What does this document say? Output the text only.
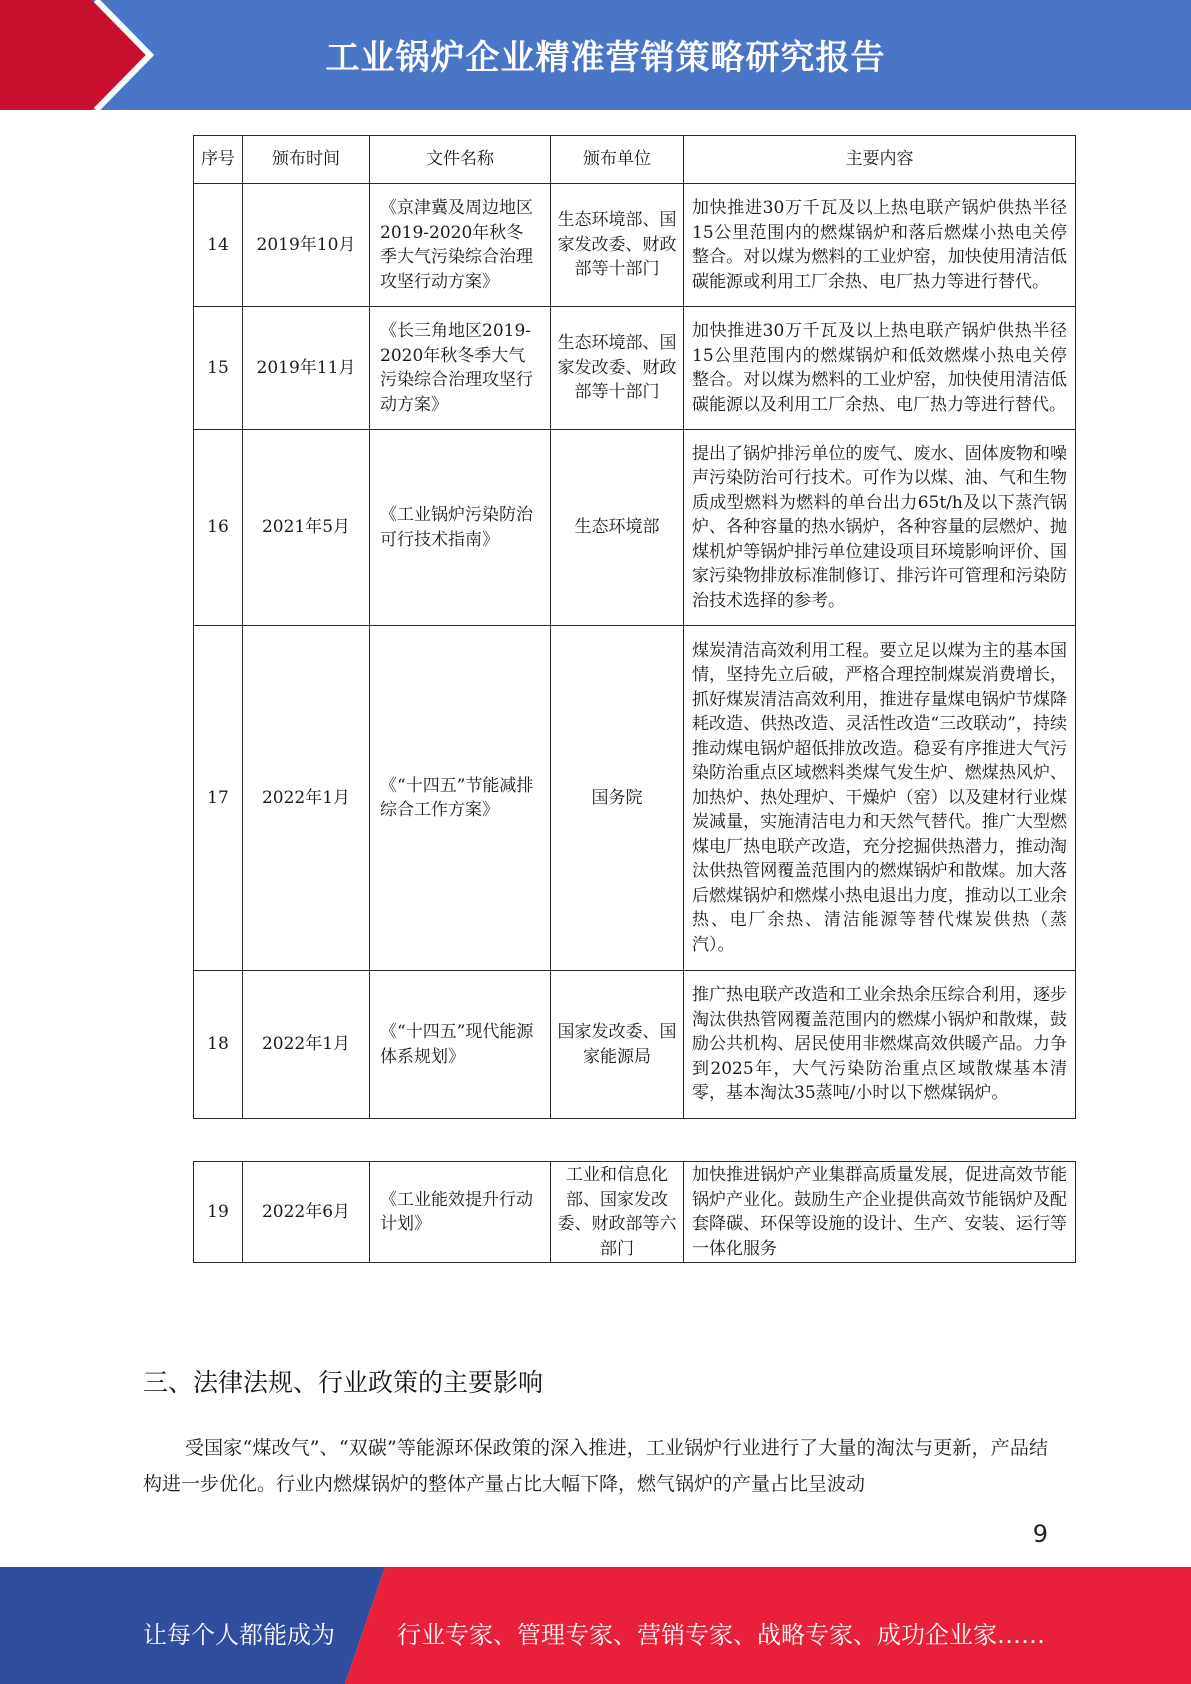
工业锅炉企业精准营销策略研究报告
序号	颁布时间	文件名称	颁布单位	主要内容
14	2019年10月	《京津冀及周边地区2019-2020年秋冬季大气污染综合治理攻坚行动方案》	生态环境部、国家发改委、财政部等十部门	加快推进30万千瓦及以上热电联产锅炉供热半径15公里范围内的燃煤锅炉和落后燃煤小热电关停整合。对以煤为燃料的工业炉窑，加快使用清洁低碳能源或利用工厂余热、电厂热力等进行替代。
15	2019年11月	《长三角地区2019-2020年秋冬季大气污染综合治理攻坚行动方案》	生态环境部、国家发改委、财政部等十部门	加快推进30万千瓦及以上热电联产锅炉供热半径15公里范围内的燃煤锅炉和低效燃煤小热电关停整合。对以煤为燃料的工业炉窑，加快使用清洁低碳能源以及利用工厂余热、电厂热力等进行替代。
16	2021年5月	《工业锅炉污染防治可行技术指南》	生态环境部	提出了锅炉排污单位的废气、废水、固体废物和噪声污染防治可行技术。可作为以煤、油、气和生物质成型燃料为燃料的单台出力65t/h及以下蒸汽锅炉、各种容量的热水锅炉，各种容量的层燃炉、抛煤机炉等锅炉排污单位建设项目环境影响评价、国家污染物排放标准制修订、排污许可管理和污染防治技术选择的参考。
17	2022年1月	《“十四五”节能减排综合工作方案》	国务院	煤炭清洁高效利用工程。要立足以煤为主的基本国情，坚持先立后破，严格合理控制煤炭消费增长，抓好煤炭清洁高效利用，推进存量煤电锅炉节煤降耗改造、供热改造、灵活性改造“三改联动”，持续推动煤电锅炉超低排放改造。稳妥有序推进大气污染防治重点区域燃料类煤气发生炉、燃煤热风炉、加热炉、热处理炉、干燥炉（窑）以及建材行业煤炭减量，实施清洁电力和天然气替代。推广大型燃煤电厂热电联产改造，充分挖掘供热潜力，推动淘汰供热管网覆盖范围内的燃煤锅炉和散煤。加大落后燃煤锅炉和燃煤小热电退出力度，推动以工业余热、电厂余热、清洁能源等替代煤炭供热（蒸汽）。
18	2022年1月	《“十四五”现代能源体系规划》	国家发改委、国家能源局	推广热电联产改造和工业余热余压综合利用，逐步淘汰供热管网覆盖范围内的燃煤小锅炉和散煤，鼓励公共机构、居民使用非燃煤高效供暖产品。力争到2025年，大气污染防治重点区域散煤基本清零，基本淘汰35蒸吨/小时以下燃煤锅炉。
19	2022年6月	《工业能效提升行动计划》	工业和信息化部、国家发改委、财政部等六部门	加快推进锅炉产业集群高质量发展，促进高效节能锅炉产业化。鼓励生产企业提供高效节能锅炉及配套降碳、环保等设施的设计、生产、安装、运行等一体化服务
三、法律法规、行业政策的主要影响
受国家“煤改气”、“双碳”等能源环保政策的深入推进，工业锅炉行业进行了大量的淘汰与更新，产品结构进一步优化。行业内燃煤锅炉的整体产量占比大幅下降，燃气锅炉的产量占比呈波动
9
让每个人都能成为	行业专家、管理专家、营销专家、战略专家、成功企业家……
